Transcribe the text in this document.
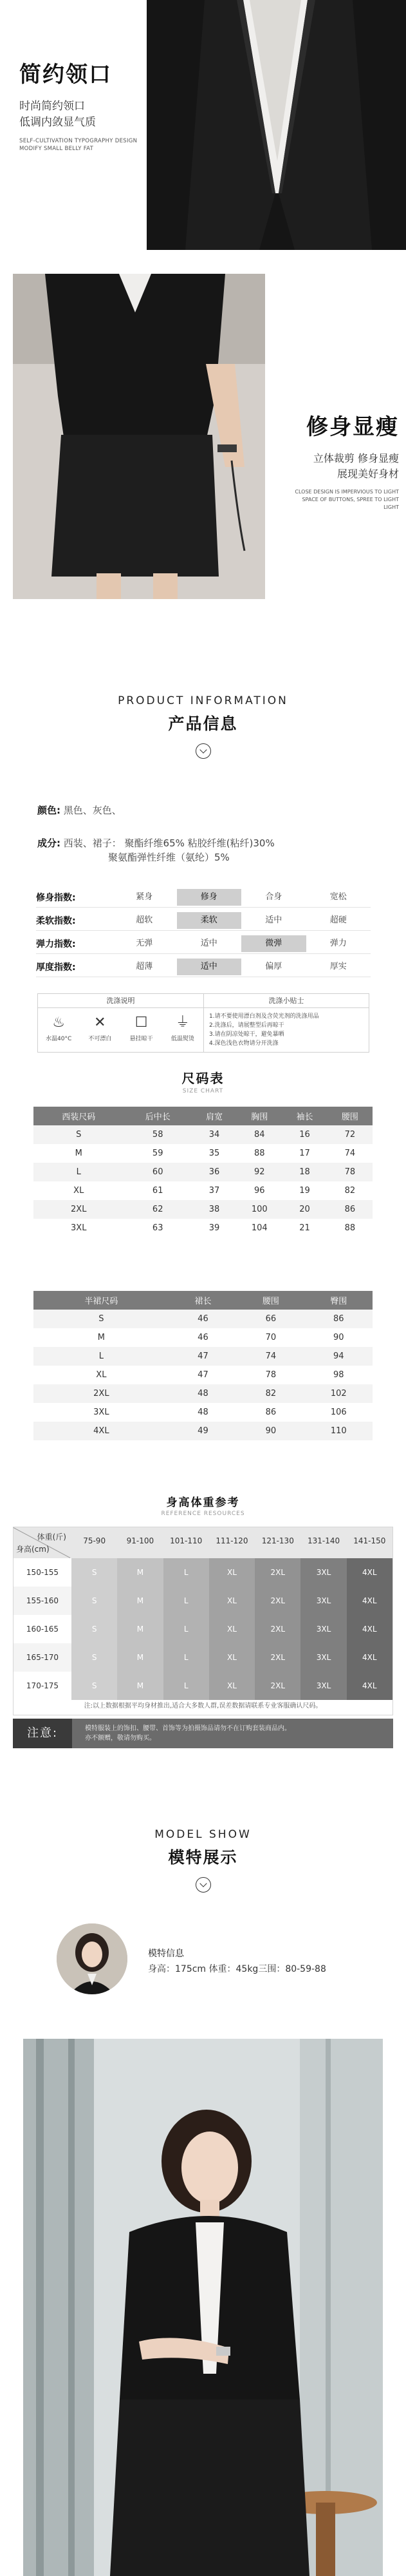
简约领口
时尚简约领口
低调内敛显气质
SELF-CULTIVATION TYPOGRAPHY DESIGN
MODIFY SMALL BELLY FAT
修身显瘦
立体裁剪 修身显瘦
展现美好身材
CLOSE DESIGN IS IMPERVIOUS TO LIGHT
SPACE OF BUTTONS, SPREE TO LIGHT
LIGHT
PRODUCT INFORMATION
产品信息
颜色: 黑色、灰色、
成分: 西装、裙子： 聚酯纤维65% 粘胶纤维(粘纤)30%
聚氨酯弹性纤维（氨纶）5%
修身指数:	紧身	修身	合身	宽松
柔软指数:	超软	柔软	适中	超硬
弹力指数:	无弹	适中	微弹	弹力
厚度指数:	超薄	适中	偏厚	厚实
洗涤说明
♨
水温40°C
✕
不可漂白
☐
悬挂晾干
⏚
低温熨烫
洗涤小贴士
1.请不要使用漂白剂及含荧光剂的洗涤用品
2.洗涤后，请展整型后再晾干
3.请在阴凉处晾干，避免暴晒
4.深色浅色衣物请分开洗涤
尺码表
SIZE CHART
西装尺码	后中长	肩宽	胸围	袖长	腰围
S	58	34	84	16	72
M	59	35	88	17	74
L	60	36	92	18	78
XL	61	37	96	19	82
2XL	62	38	100	20	86
3XL	63	39	104	21	88
半裙尺码	裙长	腰围	臀围
S	46	66	86
M	46	70	90
L	47	74	94
XL	47	78	98
2XL	48	82	102
3XL	48	86	106
4XL	49	90	110
身高体重参考
REFERENCE RESOURCES
体重(斤)
身高(cm)
75-90	91-100	101-110	111-120	121-130	131-140	141-150
150-155	S	M	L	XL	2XL	3XL	4XL
155-160	S	M	L	XL	2XL	3XL	4XL
160-165	S	M	L	XL	2XL	3XL	4XL
165-170	S	M	L	XL	2XL	3XL	4XL
170-175	S	M	L	XL	2XL	3XL	4XL
注:以上数据根据平均身材推出,适合大多数人群,误差数据请联系专业客服确认尺码。
注意:	模特服装上的饰扣、腰带、首饰等为拍摄饰品请勿不在订购套装商品内。
亦不额赠，敬请勿购买。
MODEL SHOW
模特展示
模特信息
身高：175cm 体重：45kg三围：80-59-88
